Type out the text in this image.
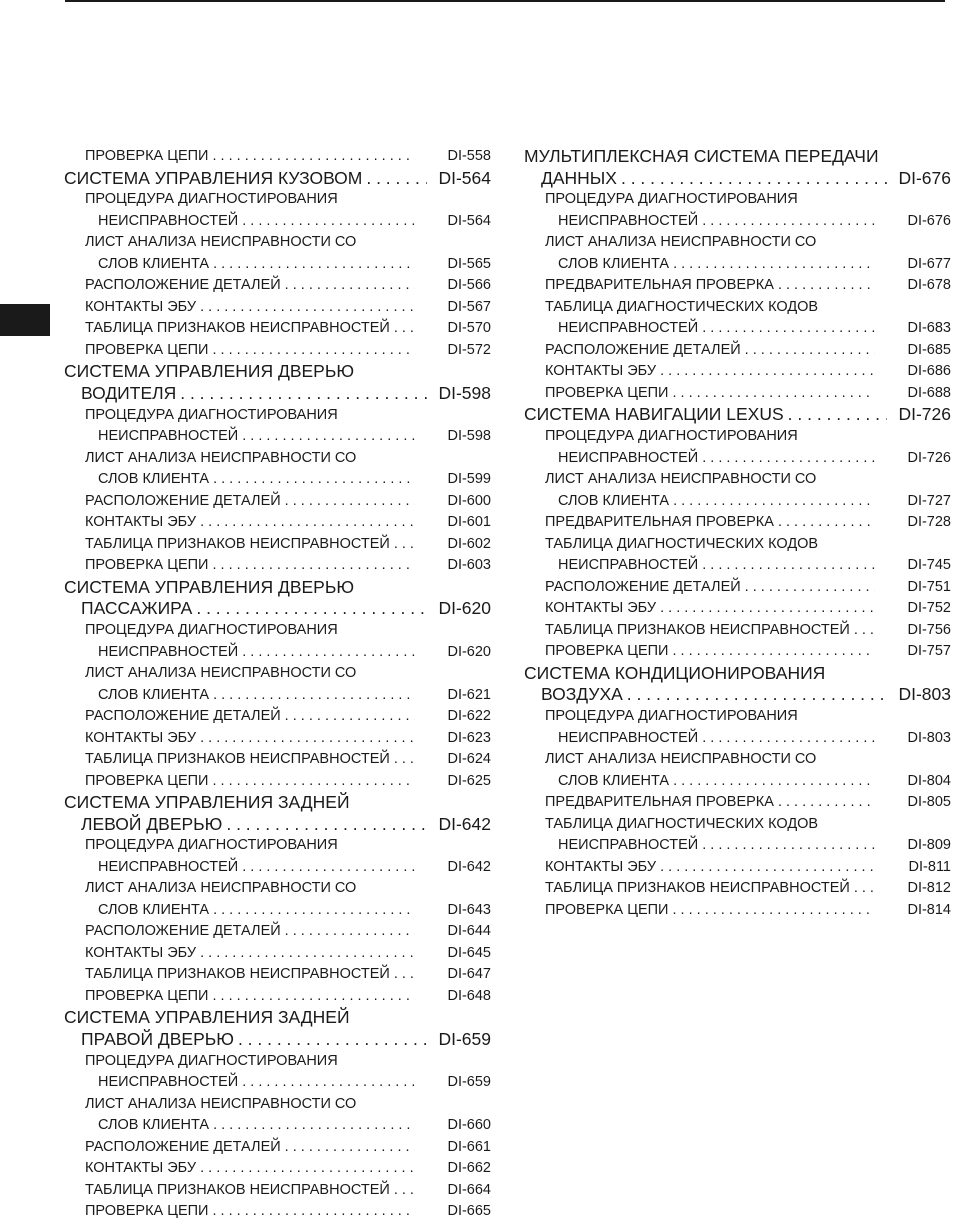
ПРОВЕРКА ЦЕПИ . . .	DI-558
СИСТЕМА УПРАВЛЕНИЯ КУЗОВОМ . . .	DI-564
ПРОЦЕДУРА ДИАГНОСТИРОВАНИЯ
НЕИСПРАВНОСТЕЙ . . .	DI-564
ЛИСТ АНАЛИЗА НЕИСПРАВНОСТИ СО
СЛОВ КЛИЕНТА . . .	DI-565
РАСПОЛОЖЕНИЕ ДЕТАЛЕЙ . . .	DI-566
КОНТАКТЫ ЭБУ . . .	DI-567
ТАБЛИЦА ПРИЗНАКОВ НЕИСПРАВНОСТЕЙ . . .	DI-570
ПРОВЕРКА ЦЕПИ . . .	DI-572
СИСТЕМА УПРАВЛЕНИЯ ДВЕРЬЮ
ВОДИТЕЛЯ . . .	DI-598
ПРОЦЕДУРА ДИАГНОСТИРОВАНИЯ
НЕИСПРАВНОСТЕЙ . . .	DI-598
ЛИСТ АНАЛИЗА НЕИСПРАВНОСТИ СО
СЛОВ КЛИЕНТА . . .	DI-599
РАСПОЛОЖЕНИЕ ДЕТАЛЕЙ . . .	DI-600
КОНТАКТЫ ЭБУ . . .	DI-601
ТАБЛИЦА ПРИЗНАКОВ НЕИСПРАВНОСТЕЙ . . .	DI-602
ПРОВЕРКА ЦЕПИ . . .	DI-603
СИСТЕМА УПРАВЛЕНИЯ ДВЕРЬЮ
ПАССАЖИРА . . .	DI-620
ПРОЦЕДУРА ДИАГНОСТИРОВАНИЯ
НЕИСПРАВНОСТЕЙ . . .	DI-620
ЛИСТ АНАЛИЗА НЕИСПРАВНОСТИ СО
СЛОВ КЛИЕНТА . . .	DI-621
РАСПОЛОЖЕНИЕ ДЕТАЛЕЙ . . .	DI-622
КОНТАКТЫ ЭБУ . . .	DI-623
ТАБЛИЦА ПРИЗНАКОВ НЕИСПРАВНОСТЕЙ . . .	DI-624
ПРОВЕРКА ЦЕПИ . . .	DI-625
СИСТЕМА УПРАВЛЕНИЯ ЗАДНЕЙ
ЛЕВОЙ ДВЕРЬЮ . . .	DI-642
ПРОЦЕДУРА ДИАГНОСТИРОВАНИЯ
НЕИСПРАВНОСТЕЙ . . .	DI-642
ЛИСТ АНАЛИЗА НЕИСПРАВНОСТИ СО
СЛОВ КЛИЕНТА . . .	DI-643
РАСПОЛОЖЕНИЕ ДЕТАЛЕЙ . . .	DI-644
КОНТАКТЫ ЭБУ . . .	DI-645
ТАБЛИЦА ПРИЗНАКОВ НЕИСПРАВНОСТЕЙ . . .	DI-647
ПРОВЕРКА ЦЕПИ . . .	DI-648
СИСТЕМА УПРАВЛЕНИЯ ЗАДНЕЙ
ПРАВОЙ ДВЕРЬЮ . . .	DI-659
ПРОЦЕДУРА ДИАГНОСТИРОВАНИЯ
НЕИСПРАВНОСТЕЙ . . .	DI-659
ЛИСТ АНАЛИЗА НЕИСПРАВНОСТИ СО
СЛОВ КЛИЕНТА . . .	DI-660
РАСПОЛОЖЕНИЕ ДЕТАЛЕЙ . . .	DI-661
КОНТАКТЫ ЭБУ . . .	DI-662
ТАБЛИЦА ПРИЗНАКОВ НЕИСПРАВНОСТЕЙ . . .	DI-664
ПРОВЕРКА ЦЕПИ . . .	DI-665
МУЛЬТИПЛЕКСНАЯ СИСТЕМА ПЕРЕДАЧИ
ДАННЫХ . . .	DI-676
ПРОЦЕДУРА ДИАГНОСТИРОВАНИЯ
НЕИСПРАВНОСТЕЙ . . .	DI-676
ЛИСТ АНАЛИЗА НЕИСПРАВНОСТИ СО
СЛОВ КЛИЕНТА . . .	DI-677
ПРЕДВАРИТЕЛЬНАЯ ПРОВЕРКА . . .	DI-678
ТАБЛИЦА ДИАГНОСТИЧЕСКИХ КОДОВ
НЕИСПРАВНОСТЕЙ . . .	DI-683
РАСПОЛОЖЕНИЕ ДЕТАЛЕЙ . . .	DI-685
КОНТАКТЫ ЭБУ . . .	DI-686
ПРОВЕРКА ЦЕПИ . . .	DI-688
СИСТЕМА НАВИГАЦИИ LEXUS . . .	DI-726
ПРОЦЕДУРА ДИАГНОСТИРОВАНИЯ
НЕИСПРАВНОСТЕЙ . . .	DI-726
ЛИСТ АНАЛИЗА НЕИСПРАВНОСТИ СО
СЛОВ КЛИЕНТА . . .	DI-727
ПРЕДВАРИТЕЛЬНАЯ ПРОВЕРКА . . .	DI-728
ТАБЛИЦА ДИАГНОСТИЧЕСКИХ КОДОВ
НЕИСПРАВНОСТЕЙ . . .	DI-745
РАСПОЛОЖЕНИЕ ДЕТАЛЕЙ . . .	DI-751
КОНТАКТЫ ЭБУ . . .	DI-752
ТАБЛИЦА ПРИЗНАКОВ НЕИСПРАВНОСТЕЙ . . .	DI-756
ПРОВЕРКА ЦЕПИ . . .	DI-757
СИСТЕМА КОНДИЦИОНИРОВАНИЯ
ВОЗДУХА . . .	DI-803
ПРОЦЕДУРА ДИАГНОСТИРОВАНИЯ
НЕИСПРАВНОСТЕЙ . . .	DI-803
ЛИСТ АНАЛИЗА НЕИСПРАВНОСТИ СО
СЛОВ КЛИЕНТА . . .	DI-804
ПРЕДВАРИТЕЛЬНАЯ ПРОВЕРКА . . .	DI-805
ТАБЛИЦА ДИАГНОСТИЧЕСКИХ КОДОВ
НЕИСПРАВНОСТЕЙ . . .	DI-809
КОНТАКТЫ ЭБУ . . .	DI-811
ТАБЛИЦА ПРИЗНАКОВ НЕИСПРАВНОСТЕЙ . . .	DI-812
ПРОВЕРКА ЦЕПИ . . .	DI-814
